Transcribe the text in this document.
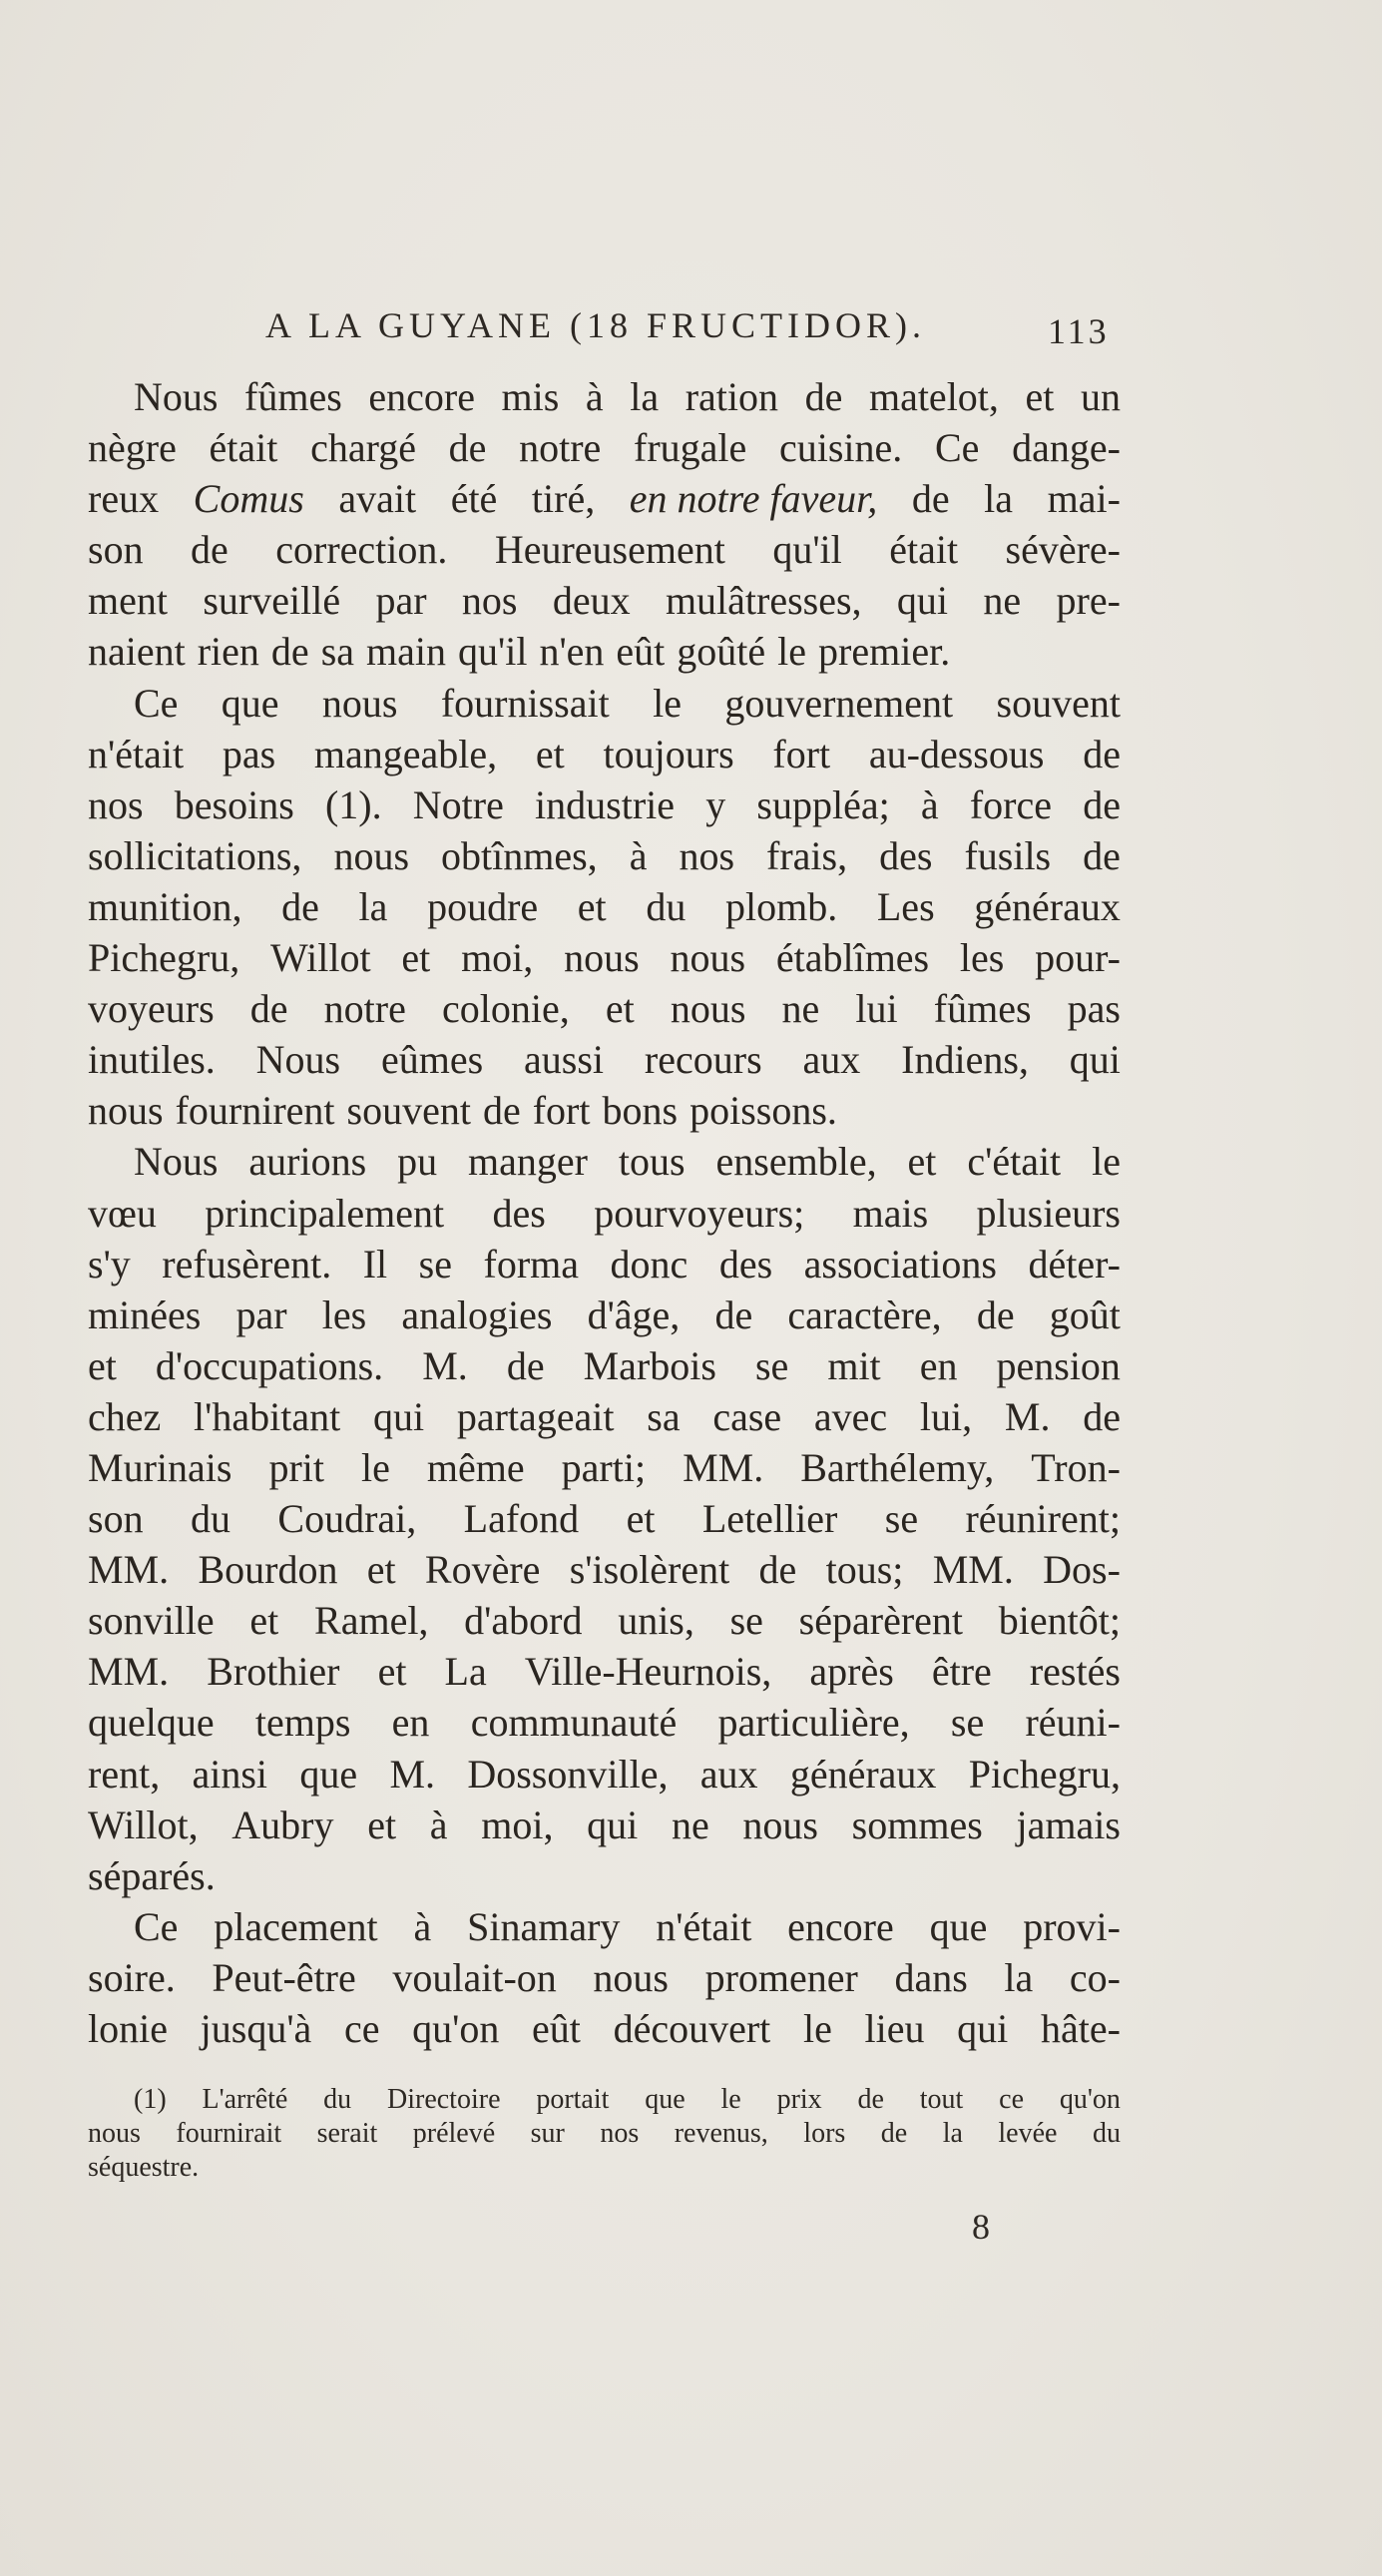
A LA GUYANE (18 FRUCTIDOR).	113
Nous fûmes encore mis à la ration de matelot, et un
nègre était chargé de notre frugale cuisine. Ce dange-
reux Comus avait été tiré, en notre faveur, de la mai-
son de correction. Heureusement qu'il était sévère-
ment surveillé par nos deux mulâtresses, qui ne pre-
naient rien de sa main qu'il n'en eût goûté le premier.
Ce que nous fournissait le gouvernement souvent
n'était pas mangeable, et toujours fort au-dessous de
nos besoins (1). Notre industrie y suppléa; à force de
sollicitations, nous obtînmes, à nos frais, des fusils de
munition, de la poudre et du plomb. Les généraux
Pichegru, Willot et moi, nous nous établîmes les pour-
voyeurs de notre colonie, et nous ne lui fûmes pas
inutiles. Nous eûmes aussi recours aux Indiens, qui
nous fournirent souvent de fort bons poissons.
Nous aurions pu manger tous ensemble, et c'était le
vœu principalement des pourvoyeurs; mais plusieurs
s'y refusèrent. Il se forma donc des associations déter-
minées par les analogies d'âge, de caractère, de goût
et d'occupations. M. de Marbois se mit en pension
chez l'habitant qui partageait sa case avec lui, M. de
Murinais prit le même parti; MM. Barthélemy, Tron-
son du Coudrai, Lafond et Letellier se réunirent;
MM. Bourdon et Rovère s'isolèrent de tous; MM. Dos-
sonville et Ramel, d'abord unis, se séparèrent bientôt;
MM. Brothier et La Ville-Heurnois, après être restés
quelque temps en communauté particulière, se réuni-
rent, ainsi que M. Dossonville, aux généraux Pichegru,
Willot, Aubry et à moi, qui ne nous sommes jamais
séparés.
Ce placement à Sinamary n'était encore que provi-
soire. Peut-être voulait-on nous promener dans la co-
lonie jusqu'à ce qu'on eût découvert le lieu qui hâte-
(1) L'arrêté du Directoire portait que le prix de tout ce qu'on
nous fournirait serait prélevé sur nos revenus, lors de la levée du
séquestre.
8
